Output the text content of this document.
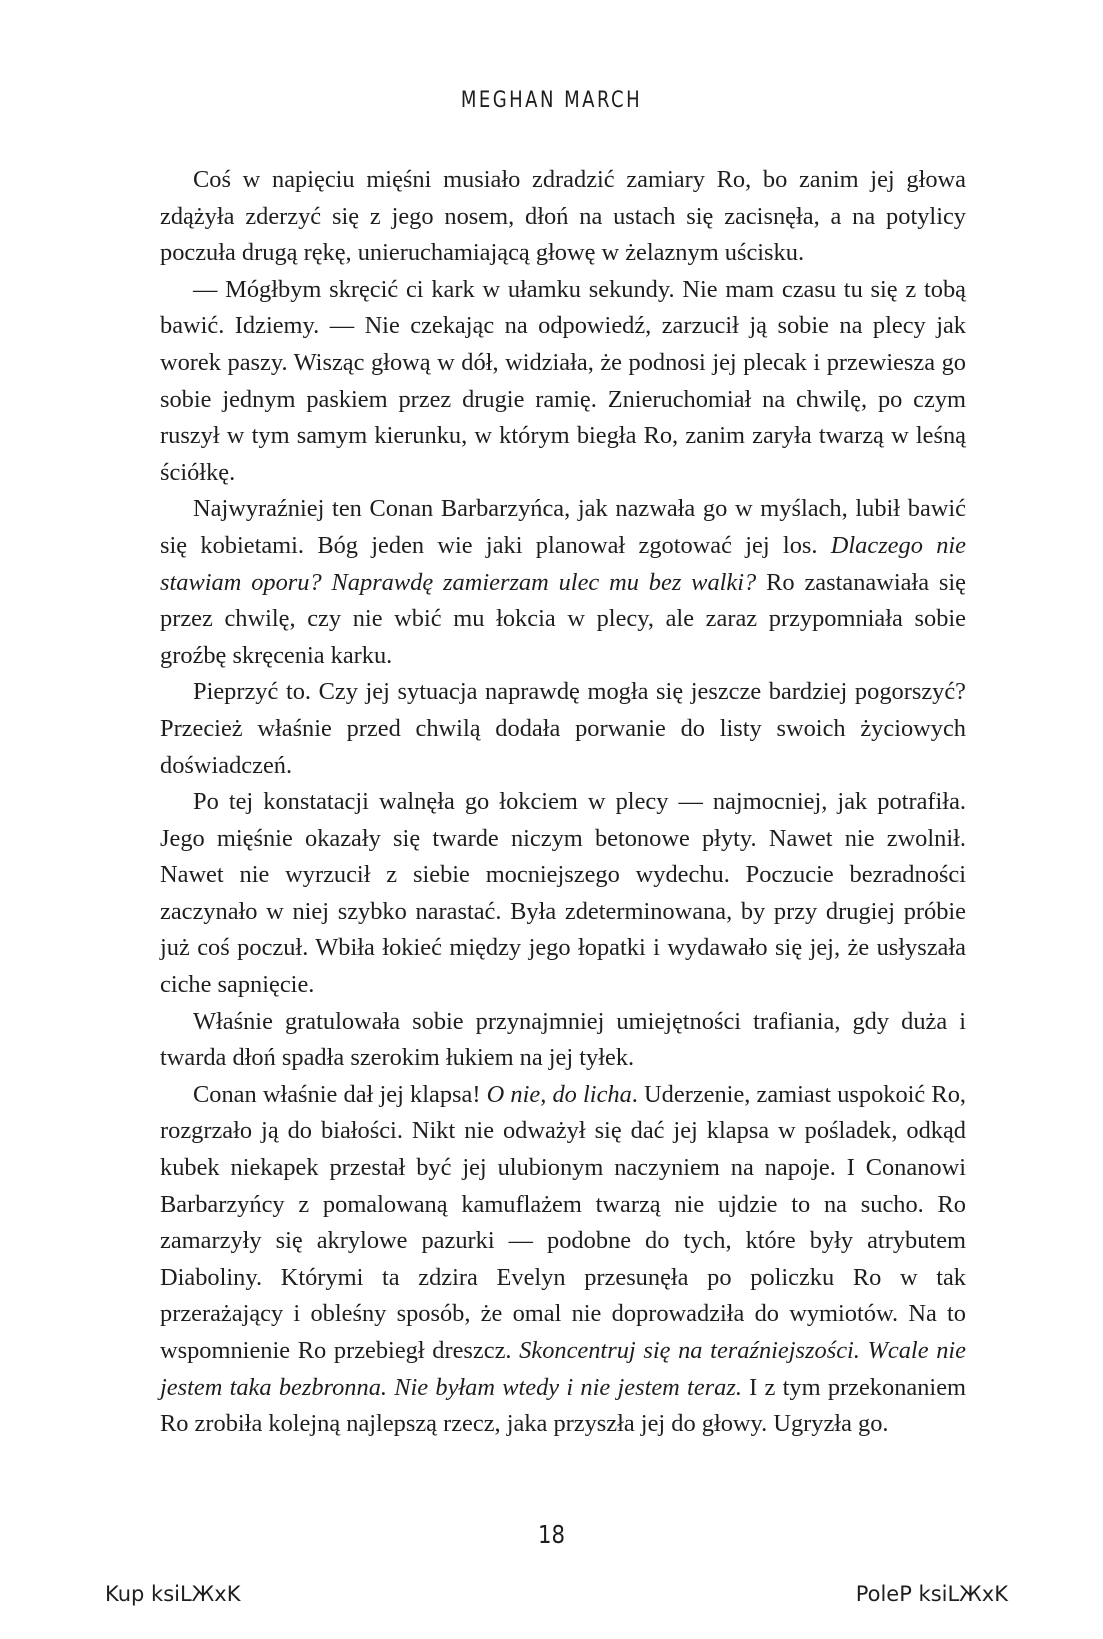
MEGHAN MARCH

Coś w napięciu mięśni musiało zdradzić zamiary Ro, bo zanim jej głowa zdążyła zderzyć się z jego nosem, dłoń na ustach się zacisnęła, a na potylicy poczuła drugą rękę, unieruchamiającą głowę w żelaznym uścisku.

— Mógłbym skręcić ci kark w ułamku sekundy. Nie mam czasu tu się z tobą bawić. Idziemy. — Nie czekając na odpowiedź, zarzucił ją sobie na plecy jak worek paszy. Wisząc głową w dół, widziała, że podnosi jej plecak i przewiesza go sobie jednym paskiem przez drugie ramię. Znieruchomiał na chwilę, po czym ruszył w tym samym kierunku, w którym biegła Ro, zanim zaryła twarzą w leśną ściółkę.

Najwyraźniej ten Conan Barbarzyńca, jak nazwała go w myślach, lubił bawić się kobietami. Bóg jeden wie jaki planował zgotować jej los. Dlaczego nie stawiam oporu? Naprawdę zamierzam ulec mu bez walki? Ro zastanawiała się przez chwilę, czy nie wbić mu łokcia w plecy, ale zaraz przypomniała sobie groźbę skręcenia karku.

Pieprzyć to. Czy jej sytuacja naprawdę mogła się jeszcze bardziej pogorszyć? Przecież właśnie przed chwilą dodała porwanie do listy swoich życiowych doświadczeń.

Po tej konstatacji walnęła go łokciem w plecy — najmocniej, jak potrafiła. Jego mięśnie okazały się twarde niczym betonowe płyty. Nawet nie zwolnił. Nawet nie wyrzucił z siebie mocniejszego wydechu. Poczucie bezradności zaczynało w niej szybko narastać. Była zdeterminowana, by przy drugiej próbie już coś poczuł. Wbiła łokieć między jego łopatki i wydawało się jej, że usłyszała ciche sapnięcie.

Właśnie gratulowała sobie przynajmniej umiejętności trafiania, gdy duża i twarda dłoń spadła szerokim łukiem na jej tyłek.

Conan właśnie dał jej klapsa! O nie, do licha. Uderzenie, zamiast uspokoić Ro, rozgrzało ją do białości. Nikt nie odważył się dać jej klapsa w pośladek, odkąd kubek niekapek przestał być jej ulubionym naczyniem na napoje. I Conanowi Barbarzyńcy z pomalowaną kamuflażem twarzą nie ujdzie to na sucho. Ro zamarzyły się akrylowe pazurki — podobne do tych, które były atrybutem Diaboliny. Którymi ta zdzira Evelyn przesunęła po policzku Ro w tak przerażający i obleśny sposób, że omal nie doprowadziła do wymiotów. Na to wspomnienie Ro przebiegł dreszcz. Skoncentruj się na teraźniejszości. Wcale nie jestem taka bezbronna. Nie byłam wtedy i nie jestem teraz. I z tym przekonaniem Ro zrobiła kolejną najlepszą rzecz, jaka przyszła jej do głowy. Ugryzła go.

18
Kup ksiLЖxK	PoleP ksiLЖxK
